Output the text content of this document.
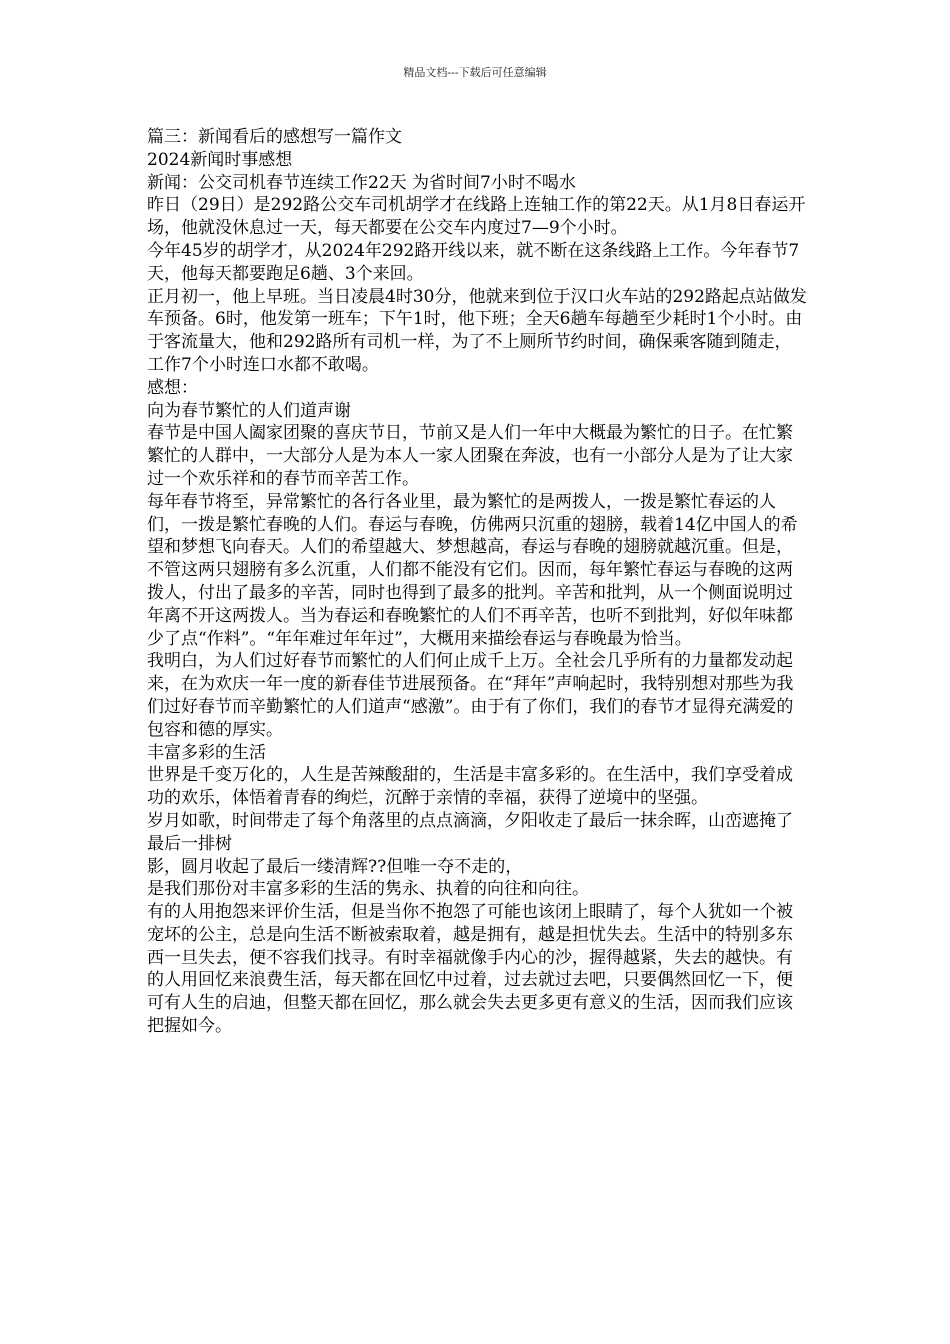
精品文档---下载后可任意编辑

篇三：新闻看后的感想写一篇作文

2024新闻时事感想

新闻：公交司机春节连续工作22天 为省时间7小时不喝水

昨日（29日）是292路公交车司机胡学才在线路上连轴工作的第22天。从1月8日春运开场，他就没休息过一天，每天都要在公交车内度过7—9个小时。

今年45岁的胡学才，从2024年292路开线以来，就不断在这条线路上工作。今年春节7天，他每天都要跑足6趟、3个来回。

正月初一，他上早班。当日凌晨4时30分，他就来到位于汉口火车站的292路起点站做发车预备。6时，他发第一班车；下午1时，他下班；全天6趟车每趟至少耗时1个小时。由于客流量大，他和292路所有司机一样，为了不上厕所节约时间，确保乘客随到随走，工作7个小时连口水都不敢喝。

感想：

向为春节繁忙的人们道声谢

春节是中国人阖家团聚的喜庆节日，节前又是人们一年中大概最为繁忙的日子。在忙繁繁忙的人群中，一大部分人是为本人一家人团聚在奔波，也有一小部分人是为了让大家过一个欢乐祥和的春节而辛苦工作。

每年春节将至，异常繁忙的各行各业里，最为繁忙的是两拨人，一拨是繁忙春运的人们，一拨是繁忙春晚的人们。春运与春晚，仿佛两只沉重的翅膀，载着14亿中国人的希望和梦想飞向春天。人们的希望越大、梦想越高，春运与春晚的翅膀就越沉重。但是，不管这两只翅膀有多么沉重，人们都不能没有它们。因而，每年繁忙春运与春晚的这两拨人，付出了最多的辛苦，同时也得到了最多的批判。辛苦和批判，从一个侧面说明过年离不开这两拨人。当为春运和春晚繁忙的人们不再辛苦，也听不到批判，好似年味都少了点“作料”。“年年难过年年过”，大概用来描绘春运与春晚最为恰当。

我明白，为人们过好春节而繁忙的人们何止成千上万。全社会几乎所有的力量都发动起来，在为欢庆一年一度的新春佳节进展预备。在“拜年”声响起时，我特别想对那些为我们过好春节而辛勤繁忙的人们道声“感激”。由于有了你们，我们的春节才显得充满爱的包容和德的厚实。

丰富多彩的生活

世界是千变万化的，人生是苦辣酸甜的，生活是丰富多彩的。在生活中，我们享受着成功的欢乐，体悟着青春的绚烂，沉醉于亲情的幸福，获得了逆境中的坚强。

岁月如歌，时间带走了每个角落里的点点滴滴，夕阳收走了最后一抹余晖，山峦遮掩了最后一排树

影，圆月收起了最后一缕清辉??但唯一夺不走的，

是我们那份对丰富多彩的生活的隽永、执着的向往和向往。

有的人用抱怨来评价生活，但是当你不抱怨了可能也该闭上眼睛了，每个人犹如一个被宠坏的公主，总是向生活不断被索取着，越是拥有，越是担忧失去。生活中的特别多东西一旦失去，便不容我们找寻。有时幸福就像手内心的沙，握得越紧，失去的越快。有的人用回忆来浪费生活，每天都在回忆中过着，过去就过去吧，只要偶然回忆一下，便可有人生的启迪，但整天都在回忆，那么就会失去更多更有意义的生活，因而我们应该把握如今。
